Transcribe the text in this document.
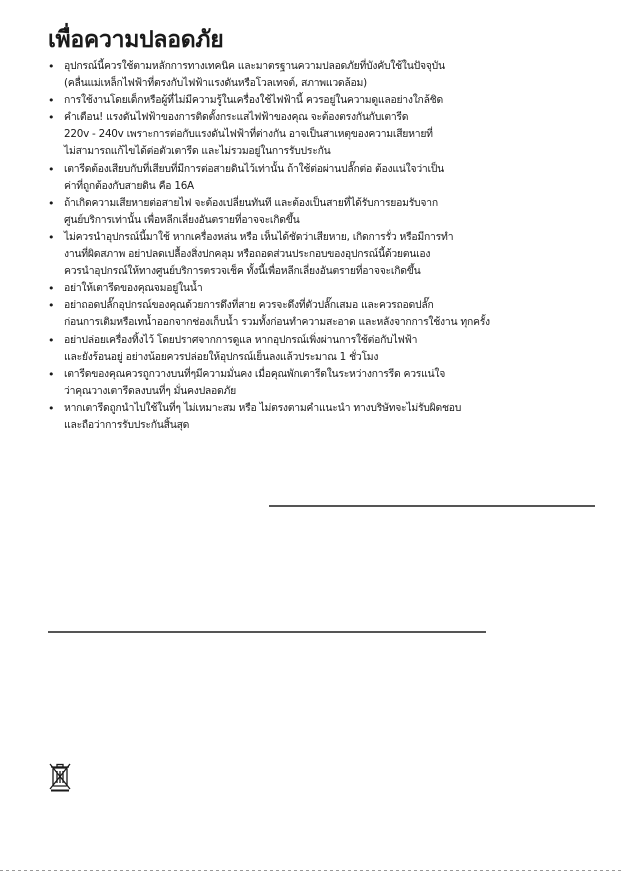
เพื่อความปลอดภัย
• อุปกรณ์นี้ควรใช้ตามหลักการทางเทคนิค และมาตรฐานความปลอดภัยที่บังคับใช้ในปัจจุบัน
(คลื่นแม่เหล็กไฟฟ้าที่ตรงกับไฟฟ้าแรงดันหรือโวลเทจต์, สภาพแวดล้อม)
• การใช้งานโดยเด็กหรือผู้ที่ไม่มีความรู้ในเครื่องใช้ไฟฟ้านี้ ควรอยู่ในความดูแลอย่างใกล้ชิด
• คำเตือน! แรงดันไฟฟ้าของการติดตั้งกระแสไฟฟ้าของคุณ จะต้องตรงกันกับเตารีด
220v - 240v เพราะการต่อกับแรงดันไฟฟ้าที่ต่างกัน อาจเป็นสาเหตุของความเสียหายที่
ไม่สามารถแก้ไขได้ต่อตัวเตารีด และไม่รวมอยู่ในการรับประกัน
• เตารีดต้องเสียบกับที่เสียบที่มีการต่อสายดินไว้เท่านั้น ถ้าใช้ต่อผ่านปลั๊กต่อ ต้องแน่ใจว่าเป็น
ค่าที่ถูกต้องกับสายดิน คือ 16A
• ถ้าเกิดความเสียหายต่อสายไฟ จะต้องเปลี่ยนทันที และต้องเป็นสายที่ได้รับการยอมรับจาก
ศูนย์บริการเท่านั้น เพื่อหลีกเลี่ยงอันตรายที่อาจจะเกิดขึ้น
• ไม่ควรนำอุปกรณ์นี้มาใช้ หากเครื่องหล่น หรือ เห็นได้ชัดว่าเสียหาย, เกิดการรั่ว หรือมีการทำ
งานที่ผิดสภาพ อย่าปลดเปลื้องสิ่งปกคลุม หรือถอดส่วนประกอบของอุปกรณ์นี้ด้วยตนเอง
ควรนำอุปกรณ์ให้ทางศูนย์บริการตรวจเช็ค ทั้งนี้เพื่อหลีกเลี่ยงอันตรายที่อาจจะเกิดขึ้น
• อย่าให้เตารีดของคุณจมอยู่ในน้ำ
• อย่าถอดปลั๊กอุปกรณ์ของคุณด้วยการดึงที่สาย ควรจะดึงที่ตัวปลั๊กเสมอ และควรถอดปลั๊ก
ก่อนการเติมหรือเทน้ำออกจากช่องเก็บน้ำ รวมทั้งก่อนทำความสะอาด และหลังจากการใช้งาน ทุกครั้ง
• อย่าปล่อยเครื่องทิ้งไว้ โดยปราศจากการดูแล หากอุปกรณ์เพิ่งผ่านการใช้ต่อกับไฟฟ้า
และยังร้อนอยู่ อย่างน้อยควรปล่อยให้อุปกรณ์เย็นลงแล้วประมาณ 1 ชั่วโมง
• เตารีดของคุณควรถูกวางบนที่ๆมีความมั่นคง เมื่อคุณพักเตารีดในระหว่างการรีด ควรแน่ใจ
ว่าคุณวางเตารีดลงบนที่ๆ มั่นคงปลอดภัย
• หากเตารีดถูกนำไปใช้ในที่ๆ ไม่เหมาะสม หรือ ไม่ตรงตามคำแนะนำ ทางบริษัทจะไม่รับผิดชอบ
และถือว่าการรับประกันสิ้นสุด
